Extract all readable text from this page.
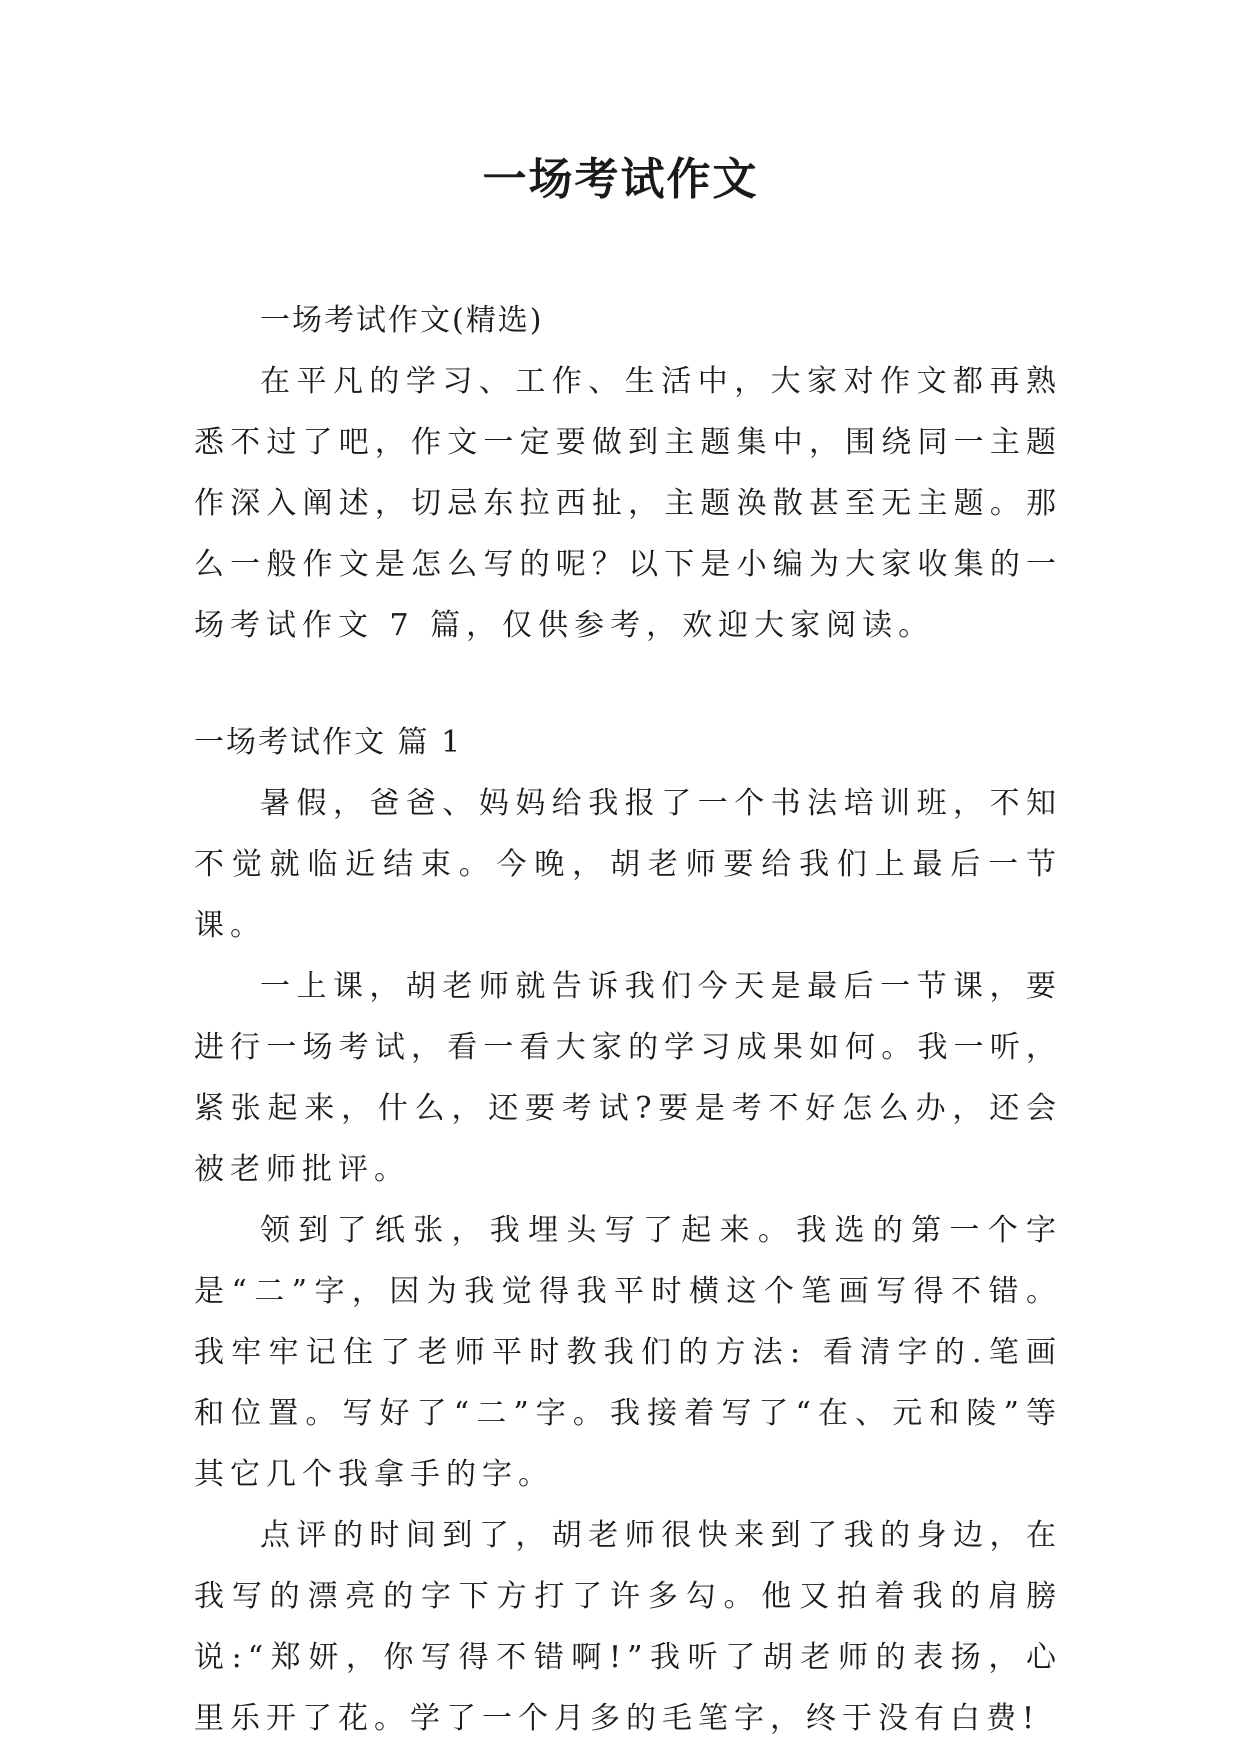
一场考试作文

一场考试作文(精选)

在平凡的学习、工作、生活中，大家对作文都再熟悉不过了吧，作文一定要做到主题集中，围绕同一主题作深入阐述，切忌东拉西扯，主题涣散甚至无主题。那么一般作文是怎么写的呢？以下是小编为大家收集的一场考试作文 7 篇，仅供参考，欢迎大家阅读。

一场考试作文 篇 1

暑假，爸爸、妈妈给我报了一个书法培训班，不知不觉就临近结束。今晚，胡老师要给我们上最后一节课。

一上课，胡老师就告诉我们今天是最后一节课，要进行一场考试，看一看大家的学习成果如何。我一听，紧张起来，什么，还要考试?要是考不好怎么办，还会被老师批评。

领到了纸张，我埋头写了起来。我选的第一个字是“二”字，因为我觉得我平时横这个笔画写得不错。我牢牢记住了老师平时教我们的方法: 看清字的.笔画和位置。写好了“二”字。我接着写了“在、元和陵”等其它几个我拿手的字。

点评的时间到了，胡老师很快来到了我的身边，在我写的漂亮的字下方打了许多勾。他又拍着我的肩膀说:“郑妍，你写得不错啊!”我听了胡老师的表扬，心里乐开了花。学了一个月多的毛笔字，终于没有白费!
